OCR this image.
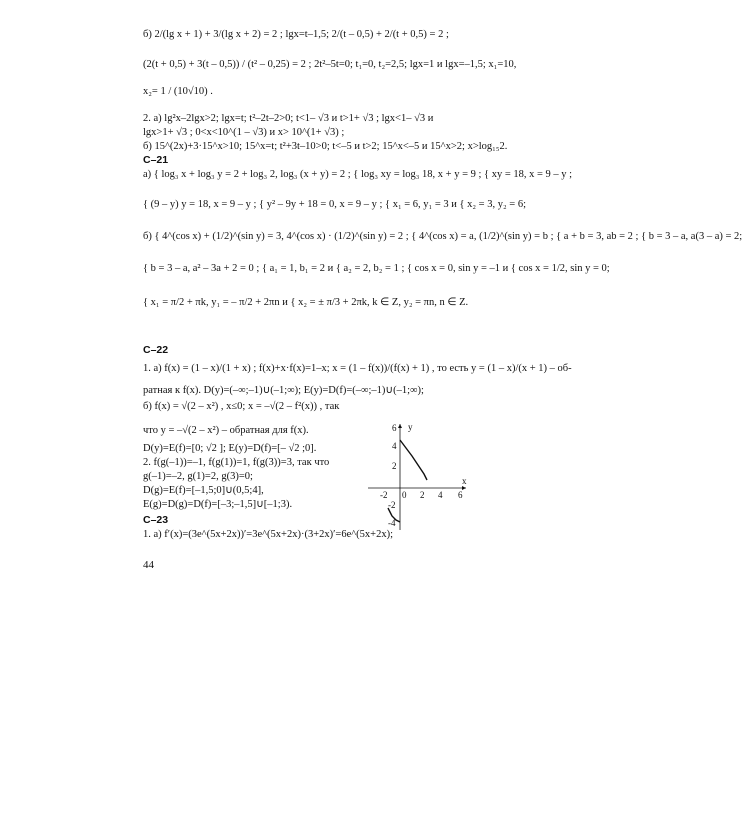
б) 2/(lg x + 1) + 3/(lg x + 2) = 2 ; lgx=t–1,5; 2/(t – 0,5) + 2/(t + 0,5) = 2 ;
(2(t + 0,5) + 3(t – 0,5)) / (t² – 0,25) = 2 ; 2t²–5t=0; t₁=0, t₂=2,5; lgx=1 и lgx=–1,5; x₁=10,
x₂= 1 / (10√10) .
2. а) lg²x–2lgx>2; lgx=t; t²–2t–2>0; t<1– √3 и t>1+ √3 ; lgx<1– √3 и
lgx>1+ √3 ; 0<x<10^(1 – √3) и x> 10^(1+ √3) ;
б) 15^(2x)+3·15^x>10; 15^x=t; t²+3t–10>0; t<–5 и t>2; 15^x<–5 и 15^x>2; x>log₁₅2.
С–21
а) { log₃ x + log₃ y = 2 + log₃ 2, log₃ (x + y) = 2 ; { log₃ xy = log₃ 18, x + y = 9 ; { xy = 18, x = 9 – y ;
{ (9 – y) y = 18, x = 9 – y ; { y² – 9y + 18 = 0, x = 9 – y ; { x₁ = 6, y₁ = 3 и { x₂ = 3, y₂ = 6;
б) { 4^(cos x) + (1/2)^(sin y) = 3, 4^(cos x) · (1/2)^(sin y) = 2 ; { 4^(cos x) = a, (1/2)^(sin y) = b ; { a + b = 3, ab = 2 ; { b = 3 – a, a(3 – a) = 2;
{ b = 3 – a, a² – 3a + 2 = 0 ; { a₁ = 1, b₁ = 2 и { a₂ = 2, b₂ = 1 ; { cos x = 0, sin y = –1 и { cos x = 1/2, sin y = 0;
{ x₁ = π/2 + πk, y₁ = – π/2 + 2πn и { x₂ = ± π/3 + 2πk, k ∈ Z, y₂ = πn, n ∈ Z.
С–22
1. а) f(x) = (1 – x)/(1 + x) ; f(x)+x·f(x)=1–x; x = (1 – f(x))/(f(x) + 1) , то есть y = (1 – x)/(x + 1) – об-
ратная к f(x). D(y)=(–∞;–1)∪(–1;∞); E(y)=D(f)=(–∞;–1)∪(–1;∞);
б) f(x) = √(2 – x²) , x≤0; x = –√(2 – f²(x)) , так
что y = –√(2 – x²) – обратная для f(x).
D(y)=E(f)=[0; √2 ]; E(y)=D(f)=[– √2 ;0].
2. f(g(–1))=–1, f(g(1))=1, f(g(3))=3, так что
g(–1)=–2, g(1)=2, g(3)=0;
D(g)=E(f)=[–1,5;0]∪(0,5;4],
E(g)=D(g)=D(f)=[–3;–1,5]∪[–1;3).
С–23
1. а) f′(x)=(3e^(5x+2x))′=3e^(5x+2x)·(3+2x)′=6e^(5x+2x);
y
x
-2 0 2 4 6
6
4
2
-2
-4
44
